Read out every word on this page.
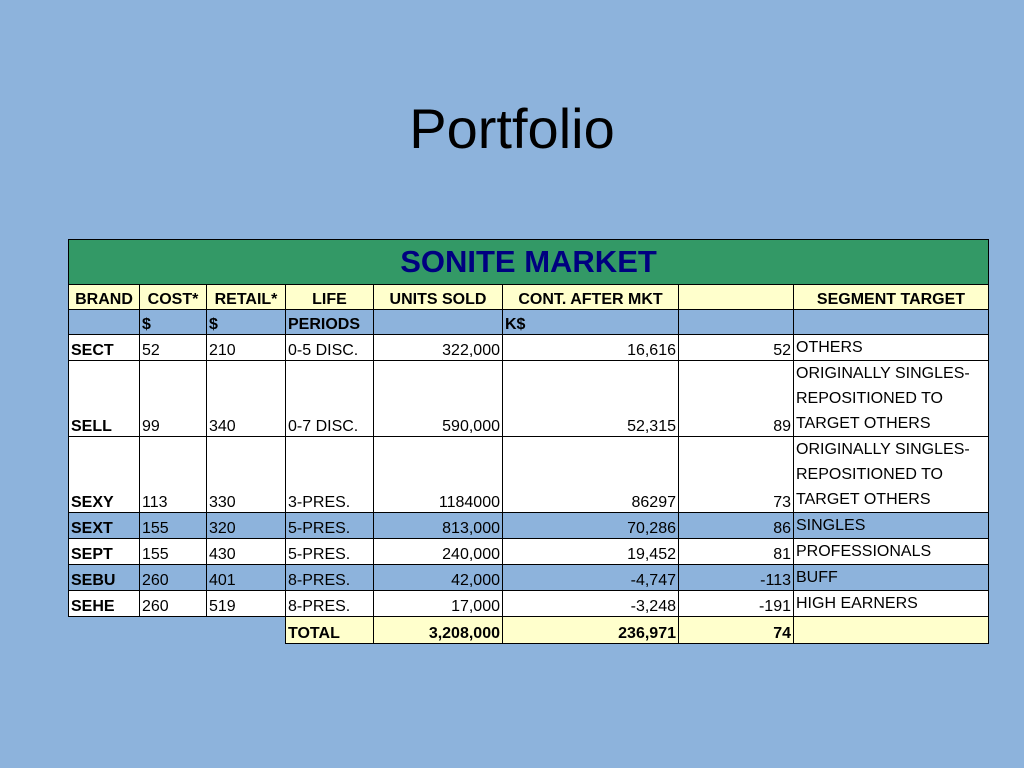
Portfolio
SONITE MARKET							
BRAND	COST*	RETAIL*	LIFE	UNITS SOLD	CONT. AFTER MKT		SEGMENT TARGET
	$	$	PERIODS		K$		
SECT	52	210	0-5 DISC.	322,000	16,616	52	OTHERS
SELL	99	340	0-7 DISC.	590,000	52,315	89	ORIGINALLY SINGLES-REPOSITIONED TO TARGET OTHERS
SEXY	113	330	3-PRES.	1184000	86297	73	ORIGINALLY SINGLES-REPOSITIONED TO TARGET OTHERS
SEXT	155	320	5-PRES.	813,000	70,286	86	SINGLES
SEPT	155	430	5-PRES.	240,000	19,452	81	PROFESSIONALS
SEBU	260	401	8-PRES.	42,000	-4,747	-113	BUFF
SEHE	260	519	8-PRES.	17,000	-3,248	-191	HIGH EARNERS
			TOTAL	3,208,000	236,971	74	
